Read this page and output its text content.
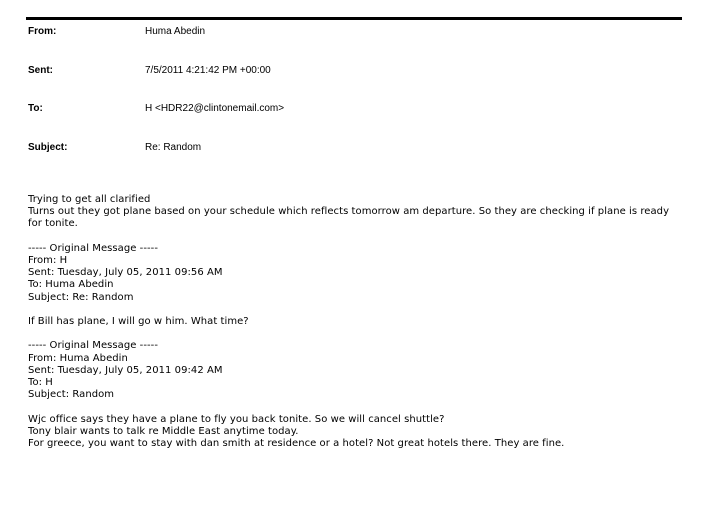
From:	Huma Abedin
Sent:	7/5/2011 4:21:42 PM +00:00
To:	H <HDR22@clintonemail.com>
Subject:	Re: Random
Trying to get all clarified
Turns out they got plane based on your schedule which reflects tomorrow am departure. So they are checking if plane is ready
for tonite.
----- Original Message -----
From: H
Sent: Tuesday, July 05, 2011 09:56 AM
To: Huma Abedin
Subject: Re: Random
If Bill has plane, I will go w him. What time?
----- Original Message -----
From: Huma Abedin
Sent: Tuesday, July 05, 2011 09:42 AM
To: H
Subject: Random
Wjc office says they have a plane to fly you back tonite. So we will cancel shuttle?
Tony blair wants to talk re Middle East anytime today.
For greece, you want to stay with dan smith at residence or a hotel? Not great hotels there. They are fine.
